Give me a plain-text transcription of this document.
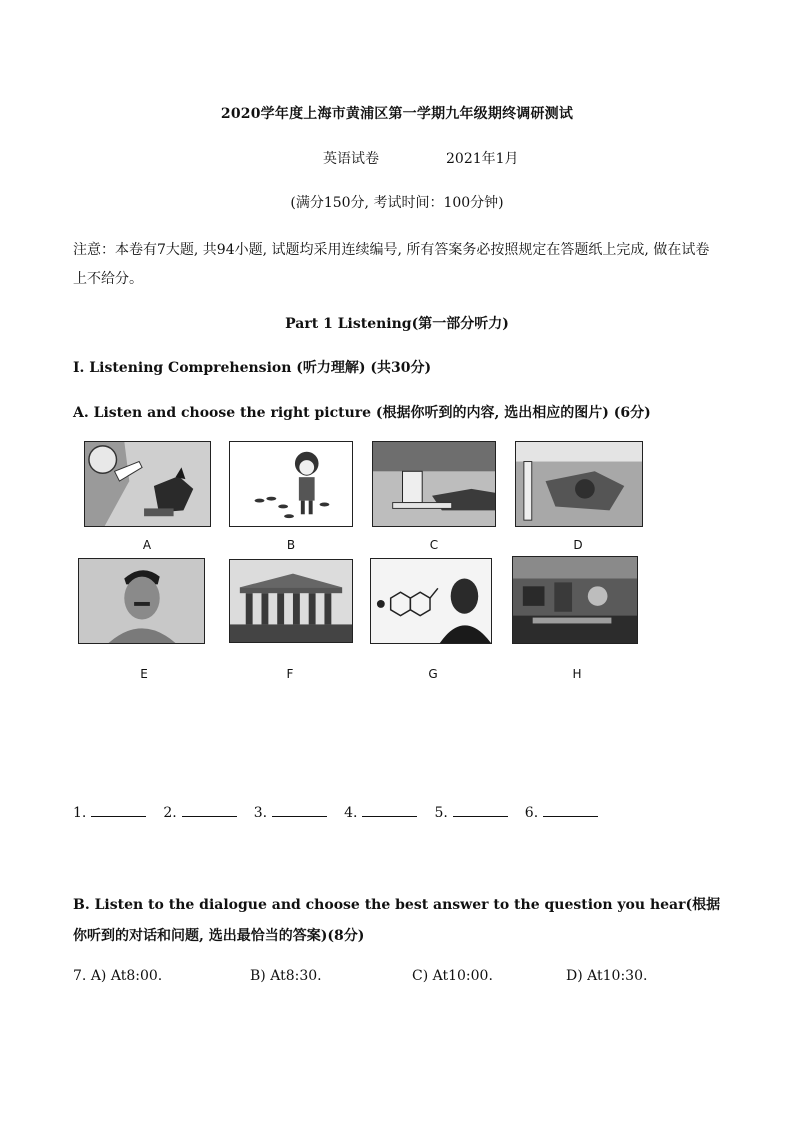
2020学年度上海市黄浦区第一学期九年级期终调研测试
英语试卷	2021年1月
(满分150分, 考试时间：100分钟)
注意：本卷有7大题, 共94小题, 试题均采用连续编号, 所有答案务必按照规定在答题纸上完成, 做在试卷上不给分。
Part 1 Listening(第一部分听力)
I. Listening Comprehension (听力理解) (共30分)
A. Listen and choose the right picture (根据你听到的内容, 选出相应的图片) (6分)
A	B	C	D
E	F	G	H
1.	2.	3.	4.	5.	6.
B. Listen to the dialogue and choose the best answer to the question you hear(根据你听到的对话和问题, 选出最恰当的答案)(8分)
7. A) At8:00.	B) At8:30.	C) At10:00.	D) At10:30.
